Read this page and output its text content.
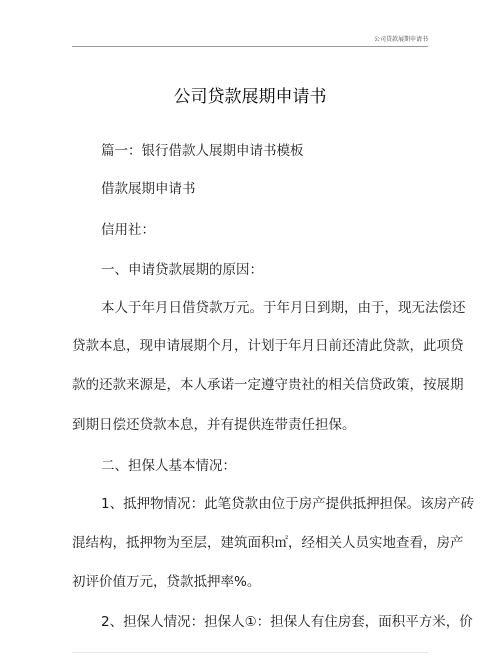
公司贷款展期申请书
公司贷款展期申请书
篇一：银行借款人展期申请书模板
借款展期申请书
信用社：
一、申请贷款展期的原因：
本人于年月日借贷款万元。于年月日到期，由于，现无法偿还
贷款本息，现申请展期个月，计划于年月日前还清此贷款，此项贷
款的还款来源是，本人承诺一定遵守贵社的相关信贷政策，按展期
到期日偿还贷款本息，并有提供连带责任担保。
二、担保人基本情况：
1、抵押物情况：此笔贷款由位于房产提供抵押担保。该房产砖
混结构，抵押物为至层，建筑面积㎡，经相关人员实地查看，房产
初评价值万元，贷款抵押率%。
2、担保人情况：担保人①：担保人有住房套，面积平方米，价
